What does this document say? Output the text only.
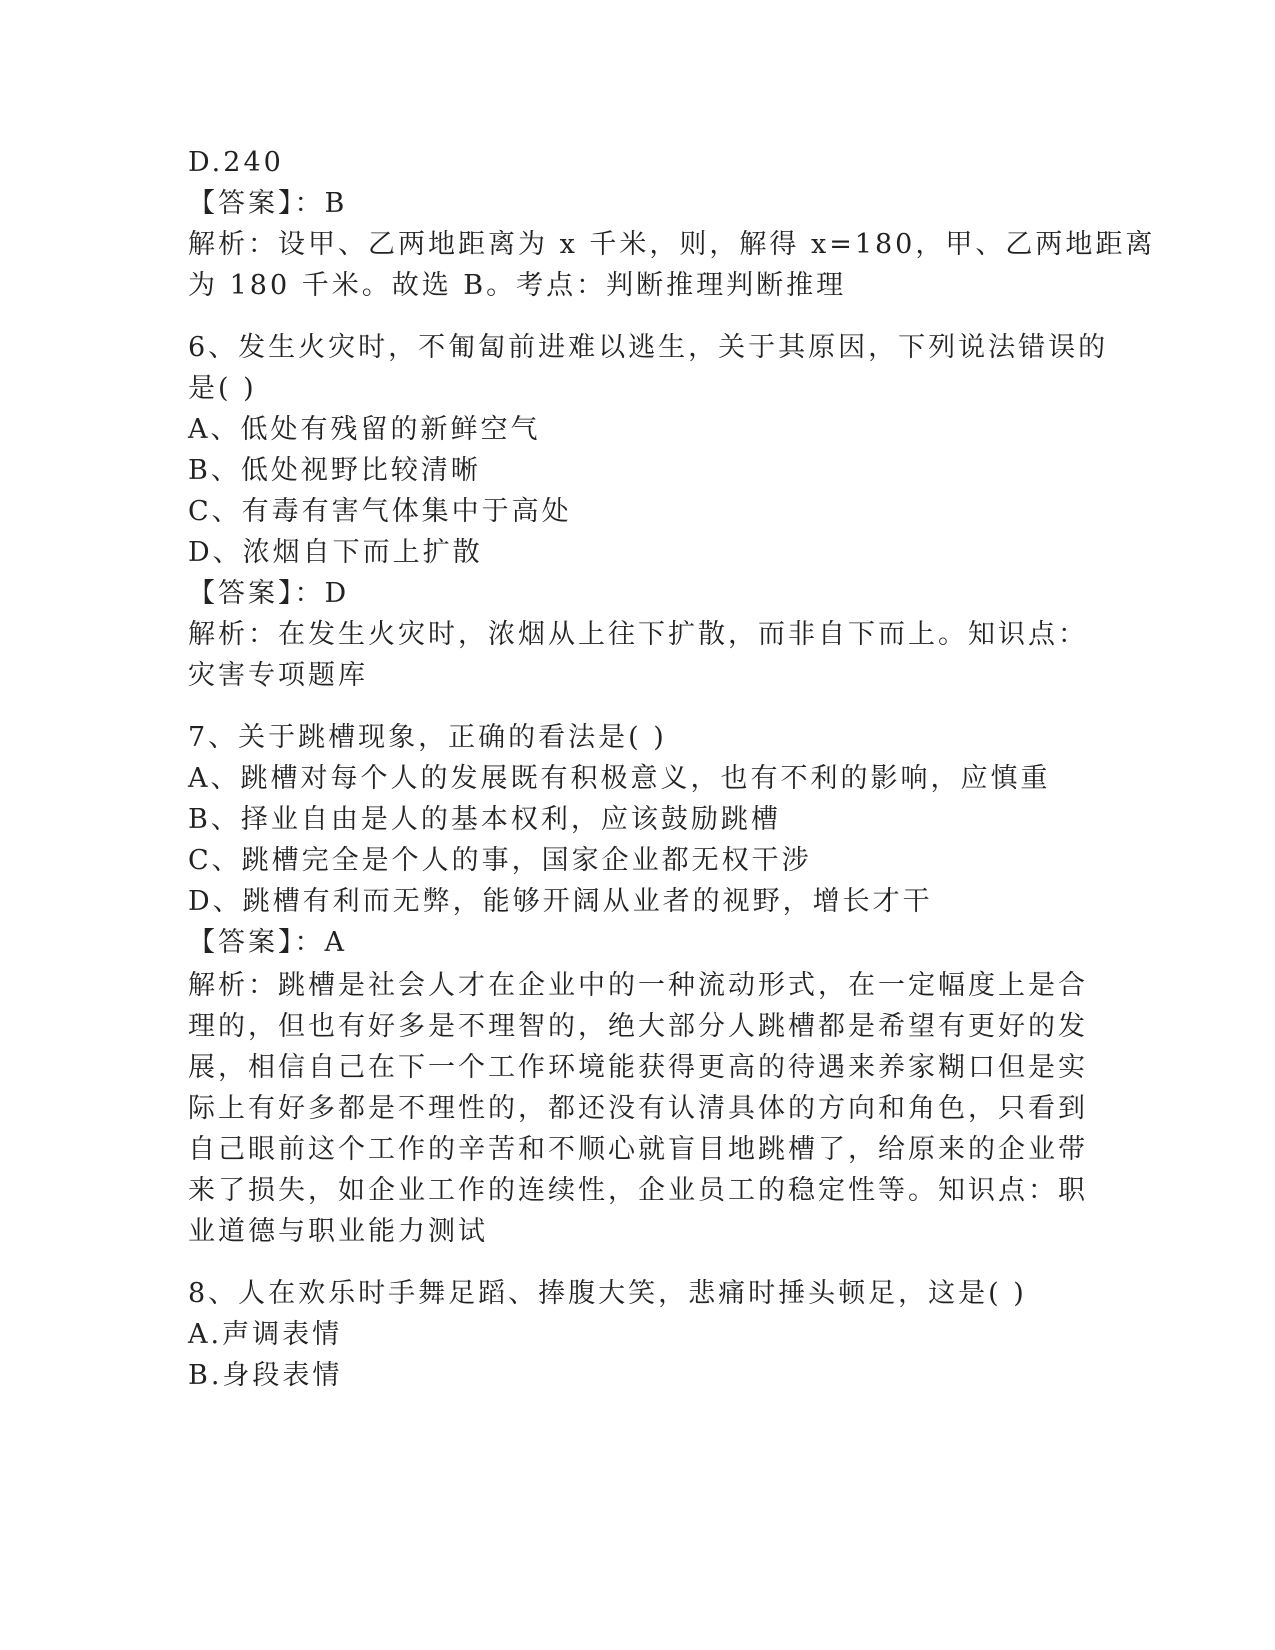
D.240
【答案】：B
解析：设甲、乙两地距离为 x 千米，则，解得 x=180，甲、乙两地距离
为 180 千米。故选 B。考点：判断推理判断推理
6、发生火灾时，不匍匐前进难以逃生，关于其原因，下列说法错误的
是( )
A、低处有残留的新鲜空气
B、低处视野比较清晰
C、有毒有害气体集中于高处
D、浓烟自下而上扩散
【答案】：D
解析：在发生火灾时，浓烟从上往下扩散，而非自下而上。知识点：
灾害专项题库
7、关于跳槽现象，正确的看法是( )
A、跳槽对每个人的发展既有积极意义，也有不利的影响，应慎重
B、择业自由是人的基本权利，应该鼓励跳槽
C、跳槽完全是个人的事，国家企业都无权干涉
D、跳槽有利而无弊，能够开阔从业者的视野，增长才干
【答案】：A
解析：跳槽是社会人才在企业中的一种流动形式，在一定幅度上是合
理的，但也有好多是不理智的，绝大部分人跳槽都是希望有更好的发
展，相信自己在下一个工作环境能获得更高的待遇来养家糊口但是实
际上有好多都是不理性的，都还没有认清具体的方向和角色，只看到
自己眼前这个工作的辛苦和不顺心就盲目地跳槽了，给原来的企业带
来了损失，如企业工作的连续性，企业员工的稳定性等。知识点：职
业道德与职业能力测试
8、人在欢乐时手舞足蹈、捧腹大笑，悲痛时捶头顿足，这是( )
A.声调表情
B.身段表情
